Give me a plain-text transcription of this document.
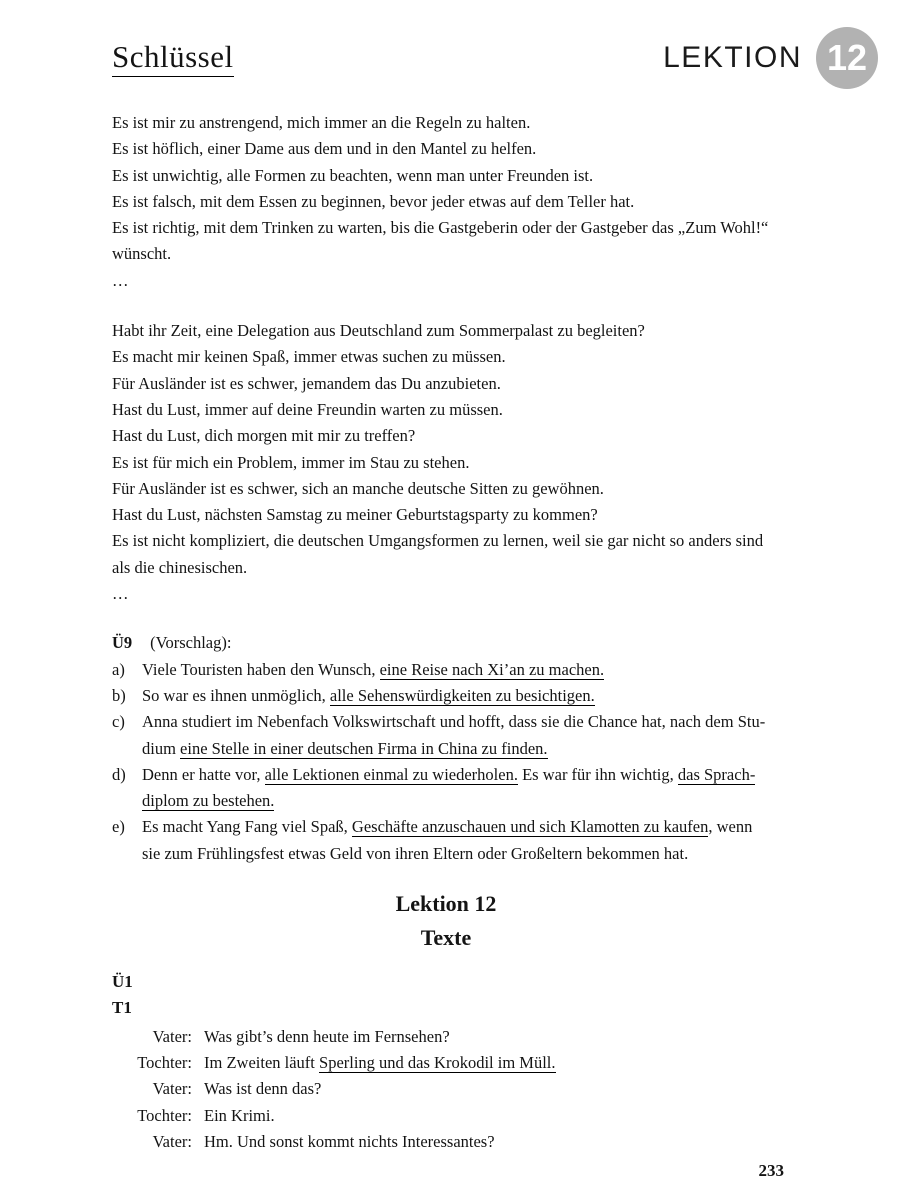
Schlüssel	LEKTION 12
Es ist mir zu anstrengend, mich immer an die Regeln zu halten.
Es ist höflich, einer Dame aus dem und in den Mantel zu helfen.
Es ist unwichtig, alle Formen zu beachten, wenn man unter Freunden ist.
Es ist falsch, mit dem Essen zu beginnen, bevor jeder etwas auf dem Teller hat.
Es ist richtig, mit dem Trinken zu warten, bis die Gastgeberin oder der Gastgeber das „Zum Wohl!“
wünscht.
…
Habt ihr Zeit, eine Delegation aus Deutschland zum Sommerpalast zu begleiten?
Es macht mir keinen Spaß, immer etwas suchen zu müssen.
Für Ausländer ist es schwer, jemandem das Du anzubieten.
Hast du Lust, immer auf deine Freundin warten zu müssen.
Hast du Lust, dich morgen mit mir zu treffen?
Es ist für mich ein Problem, immer im Stau zu stehen.
Für Ausländer ist es schwer, sich an manche deutsche Sitten zu gewöhnen.
Hast du Lust, nächsten Samstag zu meiner Geburtstagsparty zu kommen?
Es ist nicht kompliziert, die deutschen Umgangsformen zu lernen, weil sie gar nicht so anders sind
als die chinesischen.
…
Ü9 (Vorschlag):
a)	Viele Touristen haben den Wunsch, eine Reise nach Xi’an zu machen.
b) So war es ihnen unmöglich, alle Sehenswürdigkeiten zu besichtigen.
c)	Anna studiert im Nebenfach Volkswirtschaft und hofft, dass sie die Chance hat, nach dem Stu-
dium eine Stelle in einer deutschen Firma in China zu finden.
d) Denn er hatte vor, alle Lektionen einmal zu wiederholen. Es war für ihn wichtig, das Sprach-
diplom zu bestehen.
e)	Es macht Yang Fang viel Spaß, Geschäfte anzuschauen und sich Klamotten zu kaufen, wenn
sie zum Frühlingsfest etwas Geld von ihren Eltern oder Großeltern bekommen hat.
Lektion 12
Texte
Ü1
T1
Vater: Was gibt’s denn heute im Fernsehen?
Tochter: Im Zweiten läuft Sperling und das Krokodil im Müll.
Vater: Was ist denn das?
Tochter: Ein Krimi.
Vater: Hm. Und sonst kommt nichts Interessantes?
233
